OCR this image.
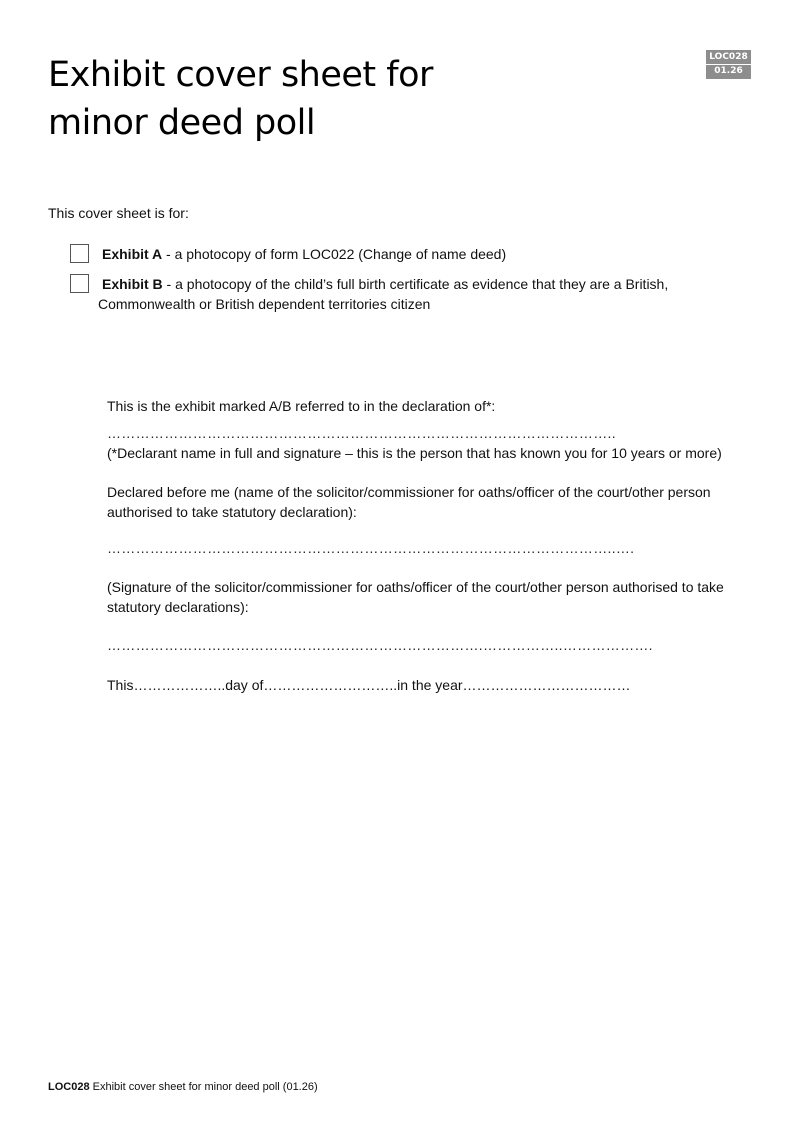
LOC028
01.26
Exhibit cover sheet for
minor deed poll
This cover sheet is for:
Exhibit A - a photocopy of form LOC022 (Change of name deed)
Exhibit B - a photocopy of the child’s full birth certificate as evidence that they are a British,
Commonwealth or British dependent territories citizen
This is the exhibit marked A/B referred to in the declaration of*:
……………………………………………………………………………………………..
(*Declarant name in full and signature – this is the person that has known you for 10 years or more)
Declared before me (name of the solicitor/commissioner for oaths/officer of the court/other person authorised to take statutory declaration):
……………………………………………………………………………………………..….
(Signature of the solicitor/commissioner for oaths/officer of the court/other person authorised to take statutory declarations):
…………………………………………………………………….……………..……………….
This………………..day of………………………..in the year………………………………
LOC028 Exhibit cover sheet for minor deed poll (01.26)
